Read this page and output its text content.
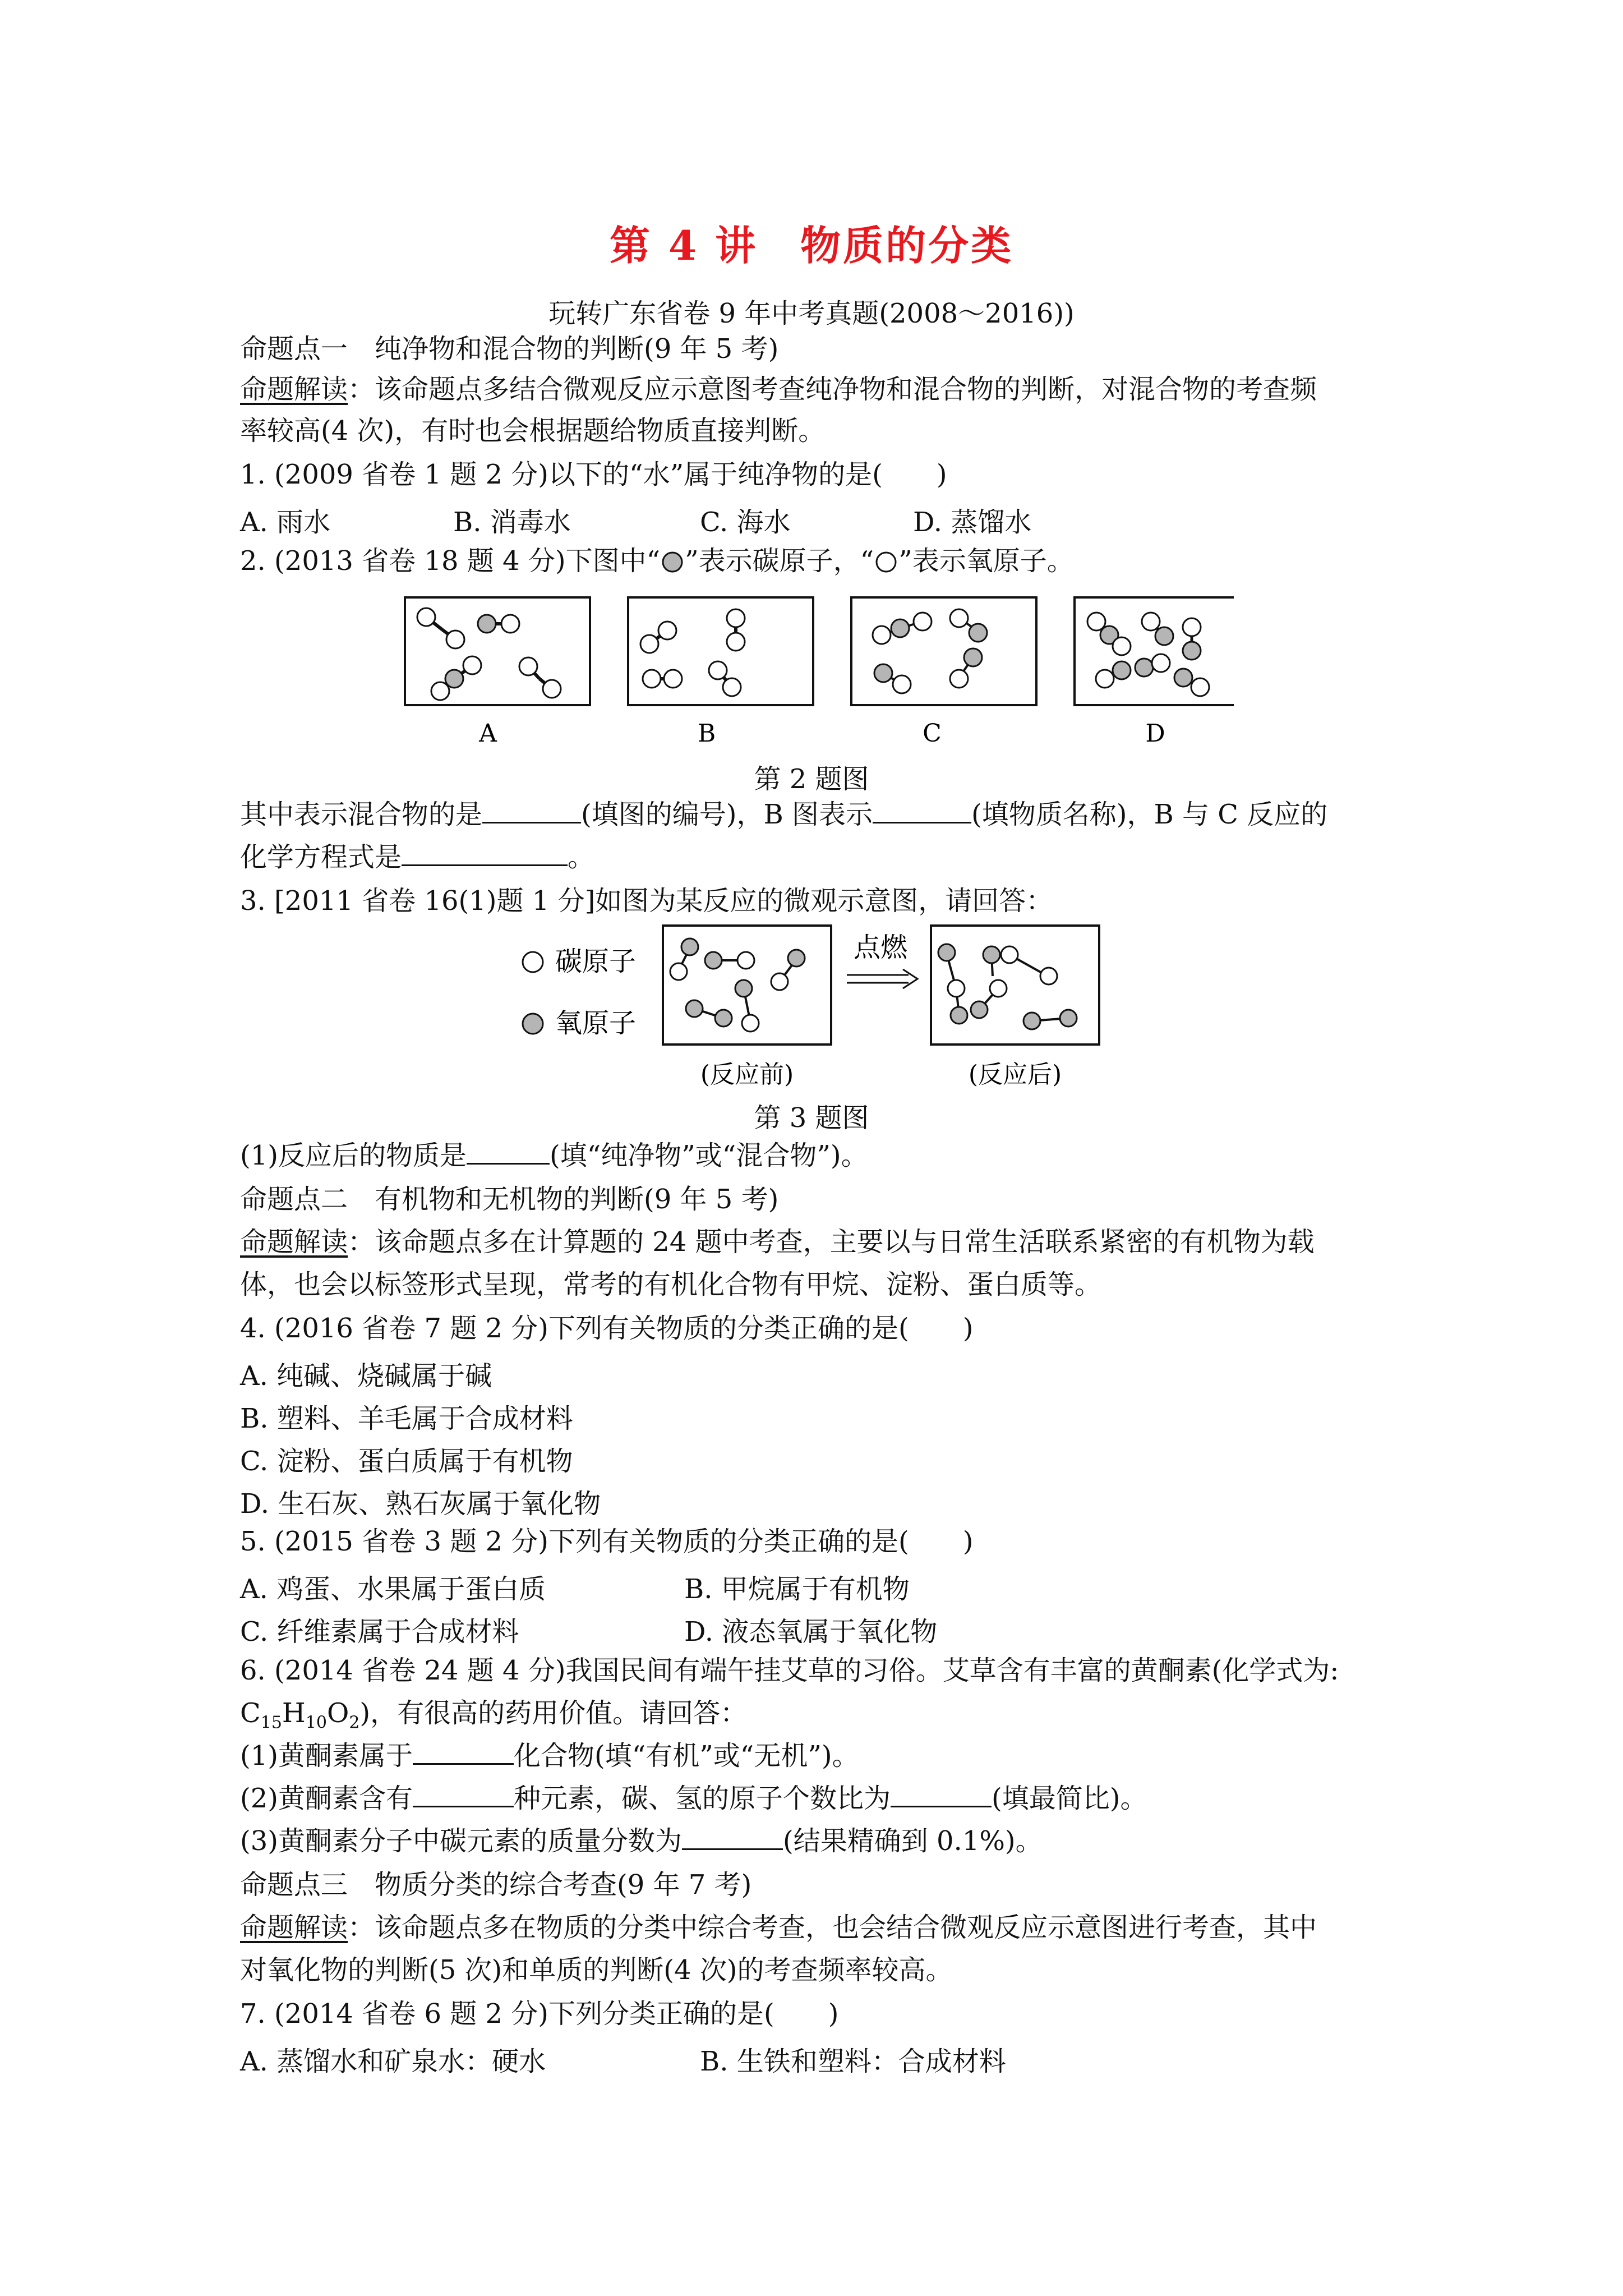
第 4 讲　物质的分类
玩转广东省卷 9 年中考真题(2008～2016))
命题点一　纯净物和混合物的判断(9 年 5 考)
命题解读：该命题点多结合微观反应示意图考查纯净物和混合物的判断，对混合物的考查频
率较高(4 次)，有时也会根据题给物质直接判断。
1. (2009 省卷 1 题 2 分)以下的“水”属于纯净物的是(　　)
A. 雨水	B. 消毒水	C. 海水	D. 蒸馏水
2. (2013 省卷 18 题 4 分)下图中“ ”表示碳原子，“ ”表示氧原子。
A	B	C	D
第 2 题图
其中表示混合物的是	(填图的编号)，B 图表示	(填物质名称)，B 与 C 反应的
化学方程式是	。
3. [2011 省卷 16(1)题 1 分]如图为某反应的微观示意图，请回答：
碳原子
氧原子
(反应前)
点燃
(反应后)
第 3 题图
(1)反应后的物质是	(填“纯净物”或“混合物”)。
命题点二　有机物和无机物的判断(9 年 5 考)
命题解读：该命题点多在计算题的 24 题中考查，主要以与日常生活联系紧密的有机物为载
体，也会以标签形式呈现，常考的有机化合物有甲烷、淀粉、蛋白质等。
4. (2016 省卷 7 题 2 分)下列有关物质的分类正确的是(　　)
A. 纯碱、烧碱属于碱
B. 塑料、羊毛属于合成材料
C. 淀粉、蛋白质属于有机物
D. 生石灰、熟石灰属于氧化物
5. (2015 省卷 3 题 2 分)下列有关物质的分类正确的是(　　)
A. 鸡蛋、水果属于蛋白质	B. 甲烷属于有机物
C. 纤维素属于合成材料	D. 液态氧属于氧化物
6. (2014 省卷 24 题 4 分)我国民间有端午挂艾草的习俗。艾草含有丰富的黄酮素(化学式为:
$C_{15}H_{10}O_2$)，有很高的药用价值。请回答：
(1)黄酮素属于	化合物(填“有机”或“无机”)。
(2)黄酮素含有	种元素，碳、氢的原子个数比为	(填最简比)。
(3)黄酮素分子中碳元素的质量分数为	(结果精确到 0.1%)。
命题点三　物质分类的综合考查(9 年 7 考)
命题解读：该命题点多在物质的分类中综合考查，也会结合微观反应示意图进行考查，其中
对氧化物的判断(5 次)和单质的判断(4 次)的考查频率较高。
7. (2014 省卷 6 题 2 分)下列分类正确的是(　　)
A. 蒸馏水和矿泉水：硬水	B. 生铁和塑料：合成材料
